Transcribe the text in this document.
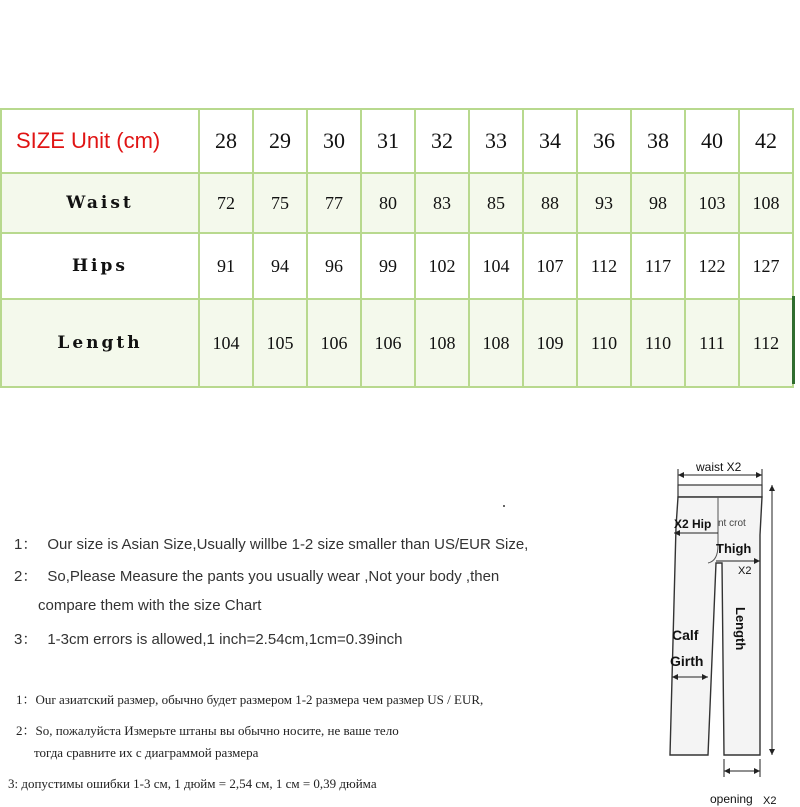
SIZE Unit (cm)	28	29	30	31	32	33	34	36	38	40	42
Waist	72	75	77	80	83	85	88	93	98	103	108
Hips	91	94	96	99	102	104	107	112	117	122	127
Length	104	105	106	106	108	108	109	110	110	111	112
1： Our size is Asian Size,Usually willbe 1-2 size smaller than US/EUR Size,
2： So,Please Measure the pants you usually wear ,Not your body ,then
compare them with the size Chart
3： 1-3cm errors is allowed,1 inch=2.54cm,1cm=0.39inch
1：Our азиатский размер, обычно будет размером 1-2 размера чем размер US / EUR,
2：So, пожалуйста Измерьте штаны вы обычно носите, не ваше тело
тогда сравните их с диаграммой размера
3: допустимы ошибки 1-3 см, 1 дюйм = 2,54 см, 1 см = 0,39 дюйма
waist X2
X2 Hip nt crot
Thigh
X2
Length
Calf
Girth
opening X2
